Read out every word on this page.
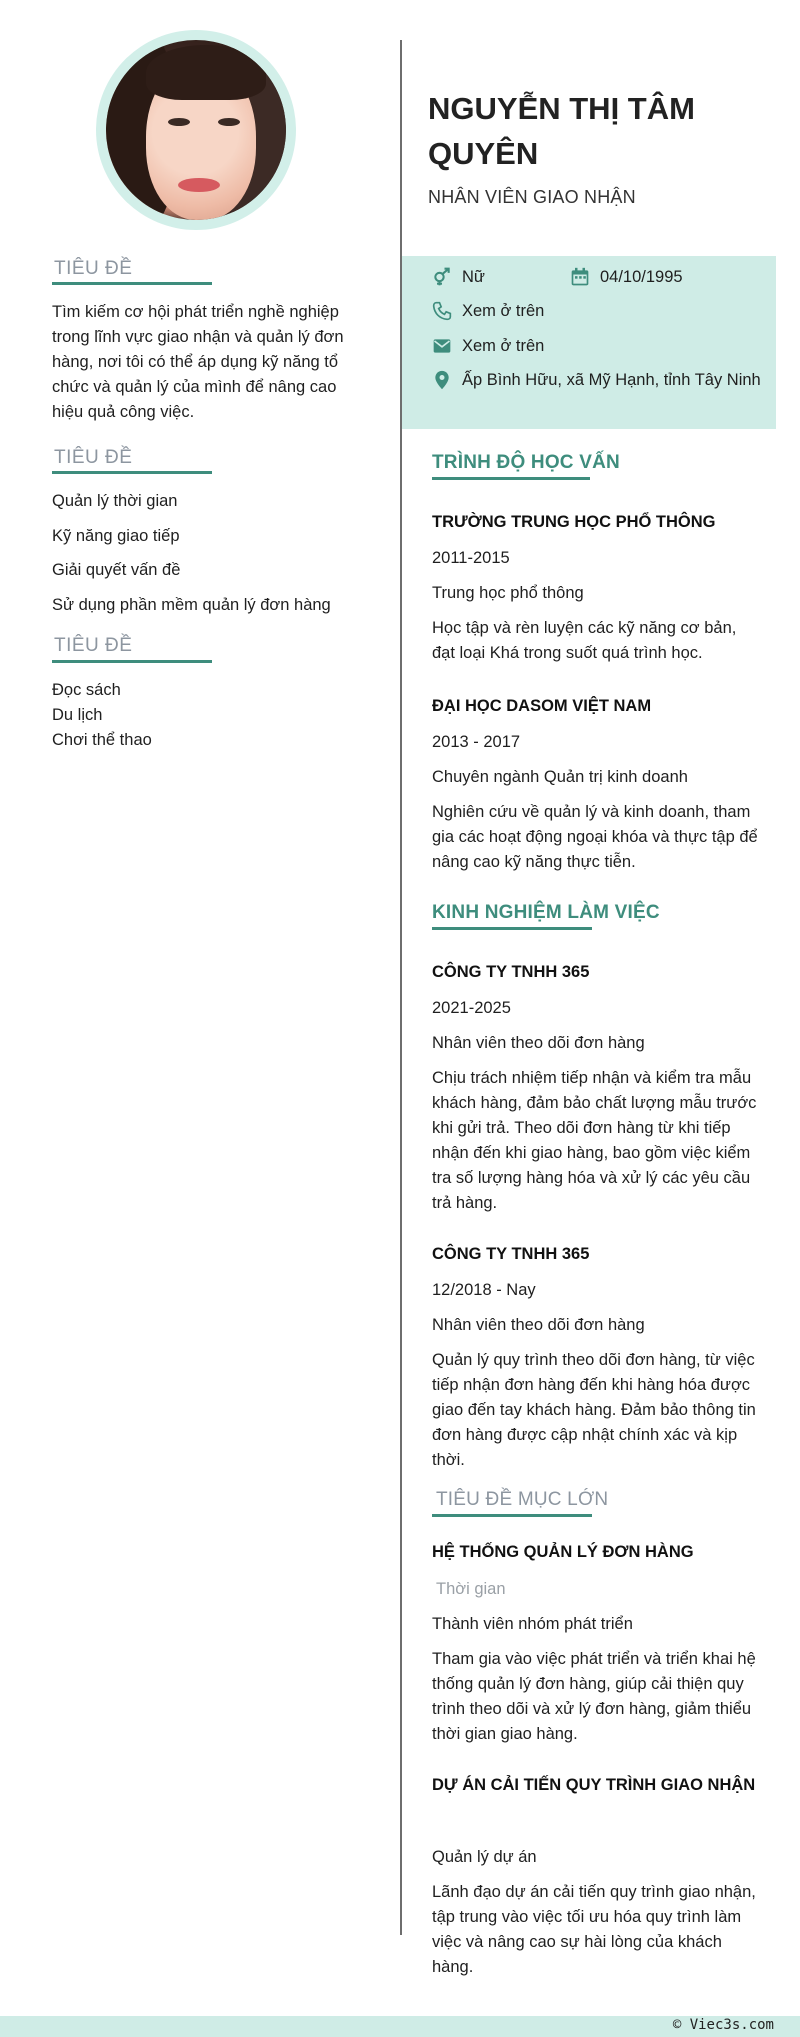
TIÊU ĐỀ
Tìm kiếm cơ hội phát triển nghề nghiệp trong lĩnh vực giao nhận và quản lý đơn hàng, nơi tôi có thể áp dụng kỹ năng tổ chức và quản lý của mình để nâng cao hiệu quả công việc.
TIÊU ĐỀ
Quản lý thời gian
Kỹ năng giao tiếp
Giải quyết vấn đề
Sử dụng phần mềm quản lý đơn hàng
TIÊU ĐỀ
Đọc sách
Du lịch
Chơi thể thao
NGUYỄN THỊ TÂM QUYÊN
NHÂN VIÊN GIAO NHẬN
Nữ	04/10/1995
Xem ở trên
Xem ở trên
Ấp Bình Hữu, xã Mỹ Hạnh, tỉnh Tây Ninh
TRÌNH ĐỘ HỌC VẤN
TRƯỜNG TRUNG HỌC PHỔ THÔNG
2011-2015
Trung học phổ thông
Học tập và rèn luyện các kỹ năng cơ bản, đạt loại Khá trong suốt quá trình học.
ĐẠI HỌC DASOM VIỆT NAM
2013 - 2017
Chuyên ngành Quản trị kinh doanh
Nghiên cứu về quản lý và kinh doanh, tham gia các hoạt động ngoại khóa và thực tập để nâng cao kỹ năng thực tiễn.
KINH NGHIỆM LÀM VIỆC
CÔNG TY TNHH 365
2021-2025
Nhân viên theo dõi đơn hàng
Chịu trách nhiệm tiếp nhận và kiểm tra mẫu khách hàng, đảm bảo chất lượng mẫu trước khi gửi trả. Theo dõi đơn hàng từ khi tiếp nhận đến khi giao hàng, bao gồm việc kiểm tra số lượng hàng hóa và xử lý các yêu cầu trả hàng.
CÔNG TY TNHH 365
12/2018 - Nay
Nhân viên theo dõi đơn hàng
Quản lý quy trình theo dõi đơn hàng, từ việc tiếp nhận đơn hàng đến khi hàng hóa được giao đến tay khách hàng. Đảm bảo thông tin đơn hàng được cập nhật chính xác và kịp thời.
TIÊU ĐỀ MỤC LỚN
HỆ THỐNG QUẢN LÝ ĐƠN HÀNG
Thời gian
Thành viên nhóm phát triển
Tham gia vào việc phát triển và triển khai hệ thống quản lý đơn hàng, giúp cải thiện quy trình theo dõi và xử lý đơn hàng, giảm thiểu thời gian giao hàng.
DỰ ÁN CẢI TIẾN QUY TRÌNH GIAO NHẬN
Quản lý dự án
Lãnh đạo dự án cải tiến quy trình giao nhận, tập trung vào việc tối ưu hóa quy trình làm việc và nâng cao sự hài lòng của khách hàng.
© Viec3s.com
